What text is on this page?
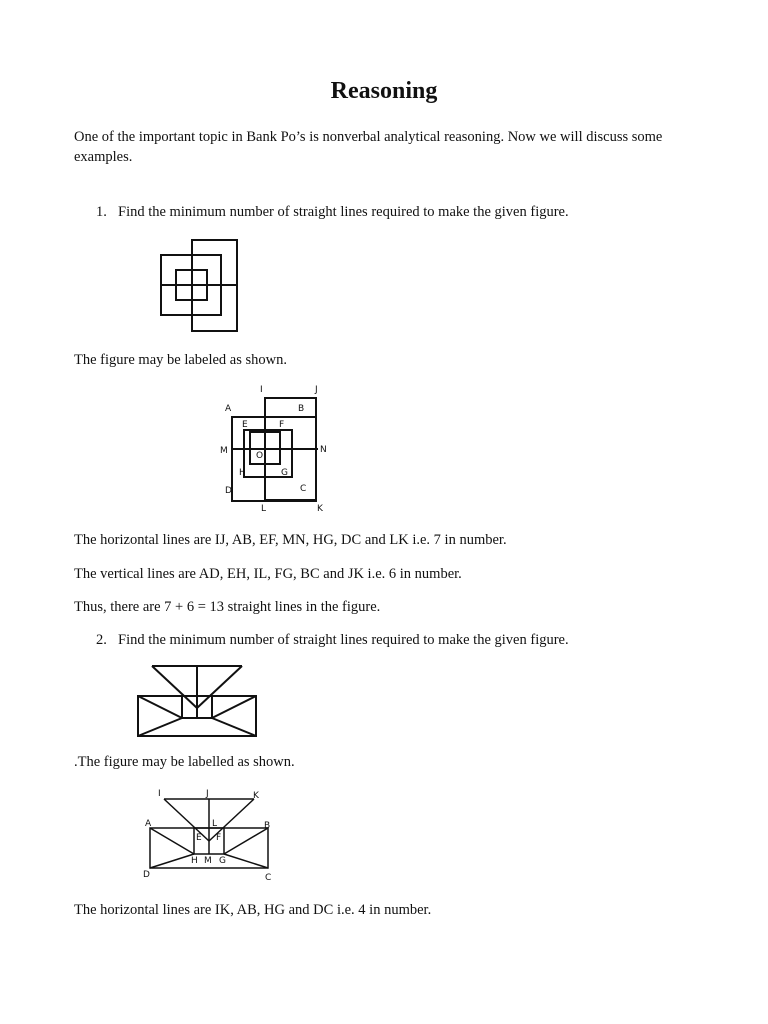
Reasoning
One of the important topic in Bank Po’s is nonverbal analytical reasoning. Now we will discuss some examples.
1. Find the minimum number of straight lines required to make the given figure.
The figure may be labeled as shown.
I	J
A	B
E	F
M	N
O
H	G
D	C
L	K
The horizontal lines are IJ, AB, EF, MN, HG, DC and LK i.e. 7 in number.
The vertical lines are AD, EH, IL, FG, BC and JK i.e. 6 in number.
Thus, there are 7 + 6 = 13 straight lines in the figure.
2. Find the minimum number of straight lines required to make the given figure.
.The figure may be labelled as shown.
I	J	K
A	B
L
E F
H M G
D	C
The horizontal lines are IK, AB, HG and DC i.e. 4 in number.
